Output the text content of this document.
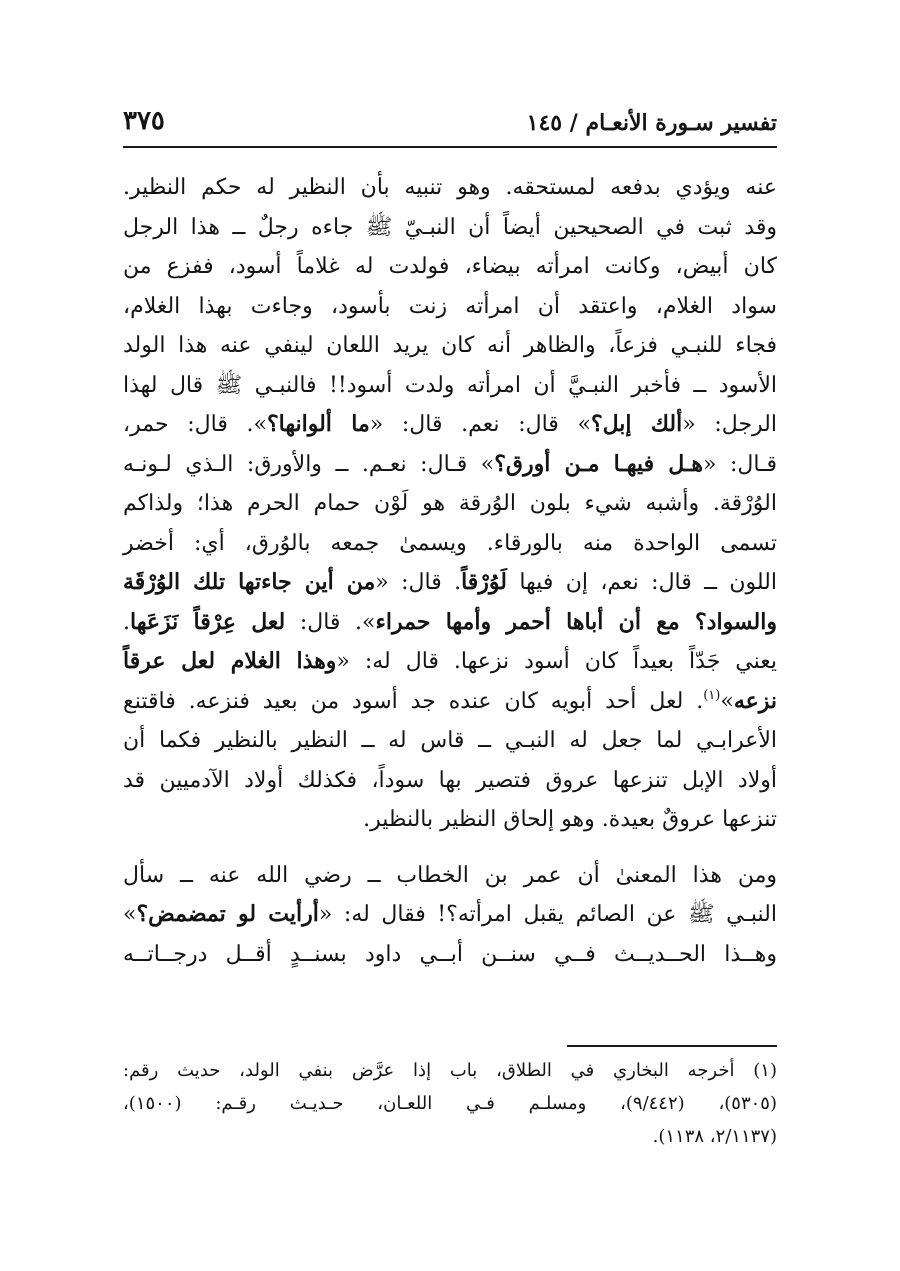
تفسير سـورة الأنعـام / ١٤٥
٣٧٥

عنه ويؤدي بدفعه لمستحقه. وهو تنبيه بأن النظير له حكم النظير.

وقد ثبت في الصحيحين أيضاً أن النبـيّ ﷺ جاءه رجلٌ ــ هذا الرجل

كان أبيض، وكانت امرأته بيضاء، فولدت له غلاماً أسود، ففزع من

سواد الغلام، واعتقد أن امرأته زنت بأسود، وجاءت بهذا الغلام،

فجاء للنبـي فزعاً، والظاهر أنه كان يريد اللعان لينفي عنه هذا الولد

الأسود ــ فأخبر النبـيَّ أن امرأته ولدت أسود!! فالنبـي ﷺ قال لهذا

الرجل: «ألك إبل؟» قال: نعم. قال: «ما ألوانها؟». قال: حمر،

قـال: «هـل فيهـا مـن أورق؟» قـال: نعـم. ــ والأورق: الـذي لـونـه

الوُرْقة. وأشبه شيء بلون الوُرقة هو لَوْن حمام الحرم هذا؛ ولذاكم

تسمى الواحدة منه بالورقاء. ويسمىٰ جمعه بالوُرق، أي: أخضر

اللون ــ قال: نعم، إن فيها لَوُرْقاً. قال: «من أين جاءتها تلك الوُرْقَة

والسواد؟ مع أن أباها أحمر وأمها حمراء». قال: لعل عِرْقاً نَزَعَها.

يعني جَدّاً بعيداً كان أسود نزعها. قال له: «وهذا الغلام لعل عرقاً

نزعه»$^{(١)}$. لعل أحد أبويه كان عنده جد أسود من بعيد فنزعه. فاقتنع

الأعرابـي لما جعل له النبـي ــ قاس له ــ النظير بالنظير فكما أن

أولاد الإبل تنزعها عروق فتصير بها سوداً، فكذلك أولاد الآدميين قد

تنزعها عروقٌ بعيدة. وهو إلحاق النظير بالنظير.

ومن هذا المعنىٰ أن عمر بن الخطاب ــ رضي الله عنه ــ سأل

النبـي ﷺ عن الصائم يقبل امرأته؟! فقال له: «أرأيت لو تمضمض؟»

وهــذا الحــديــث فــي سنــن أبــي داود بسنــدٍ أقــل درجــاتــه

(١) أخرجه البخاري في الطلاق، باب إذا عرَّض بنفي الولد، حديث رقم:

(٥٣٠٥)، (٩/٤٤٢)، ومسلـم فـي اللعـان، حـديـث رقـم: (١٥٠٠)،

(٢/١١٣٧، ١١٣٨).
